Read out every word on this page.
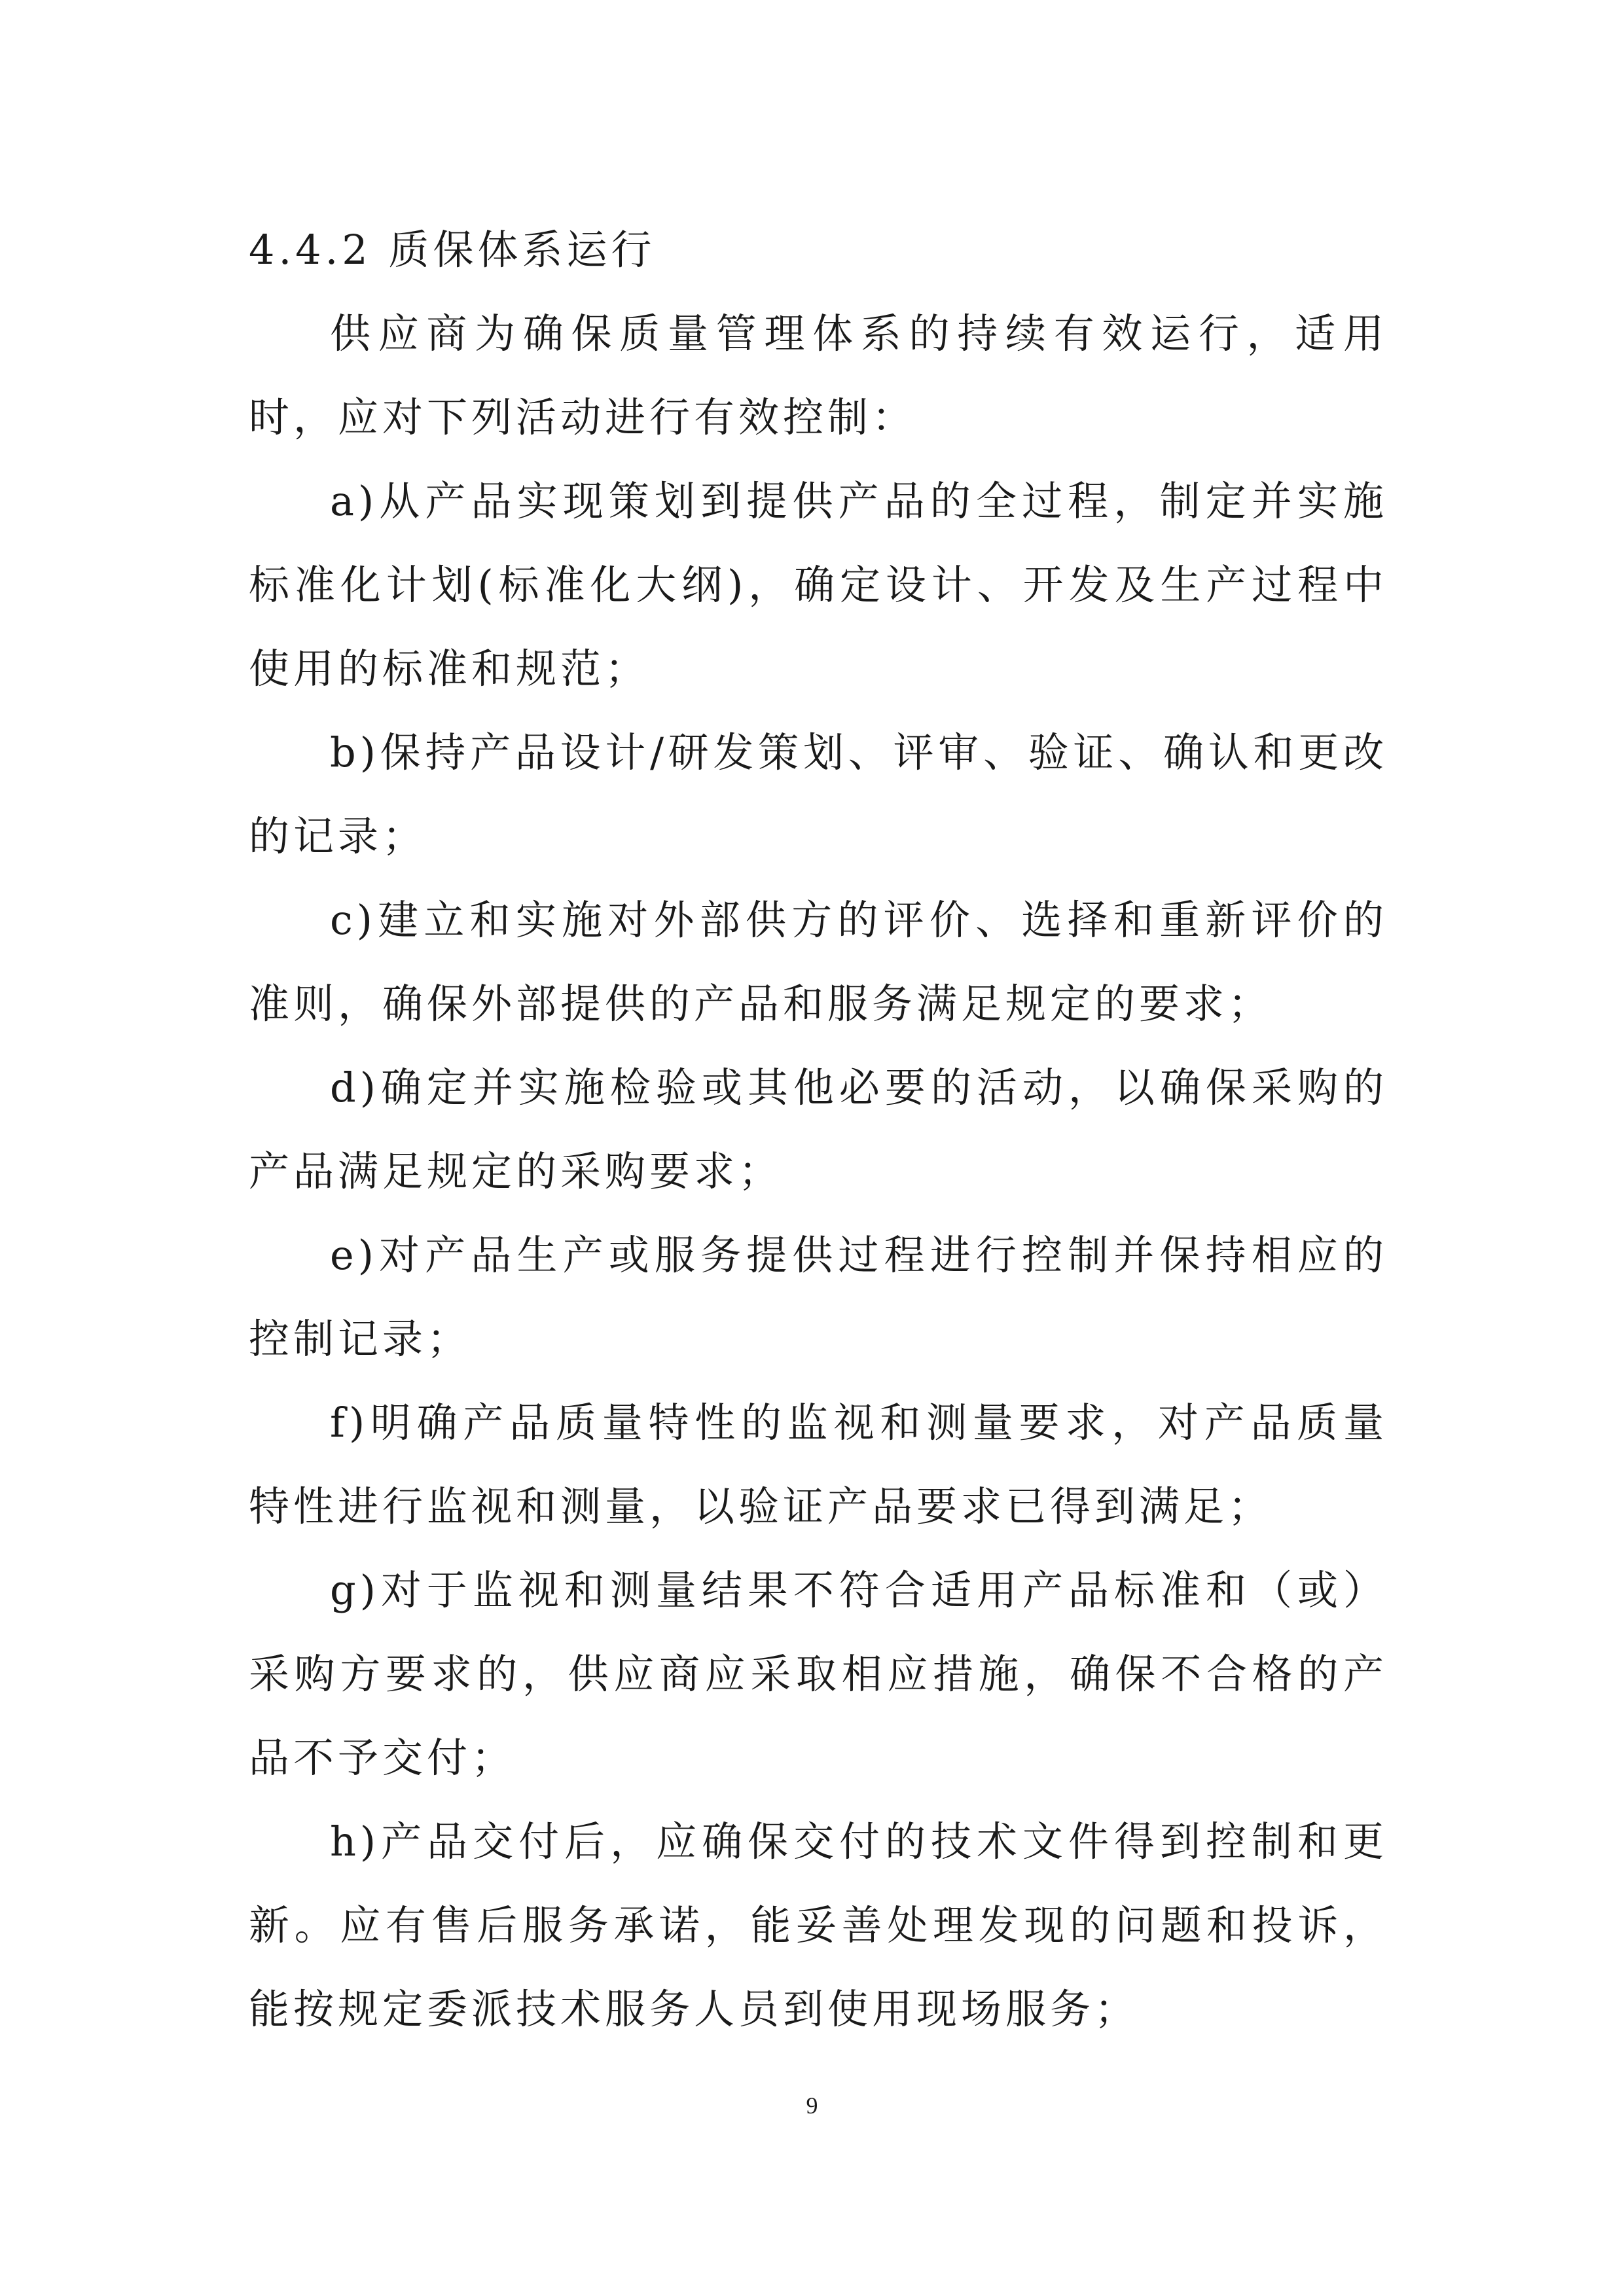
4.4.2 质保体系运行

供应商为确保质量管理体系的持续有效运行，适用时，应对下列活动进行有效控制：

a)从产品实现策划到提供产品的全过程，制定并实施标准化计划(标准化大纲)，确定设计、开发及生产过程中使用的标准和规范；

b)保持产品设计/研发策划、评审、验证、确认和更改的记录；

c)建立和实施对外部供方的评价、选择和重新评价的准则，确保外部提供的产品和服务满足规定的要求；

d)确定并实施检验或其他必要的活动，以确保采购的产品满足规定的采购要求；

e)对产品生产或服务提供过程进行控制并保持相应的控制记录；

f)明确产品质量特性的监视和测量要求，对产品质量特性进行监视和测量，以验证产品要求已得到满足；

g)对于监视和测量结果不符合适用产品标准和（或）采购方要求的，供应商应采取相应措施，确保不合格的产品不予交付；

h)产品交付后，应确保交付的技术文件得到控制和更新。应有售后服务承诺，能妥善处理发现的问题和投诉，能按规定委派技术服务人员到使用现场服务；

9
